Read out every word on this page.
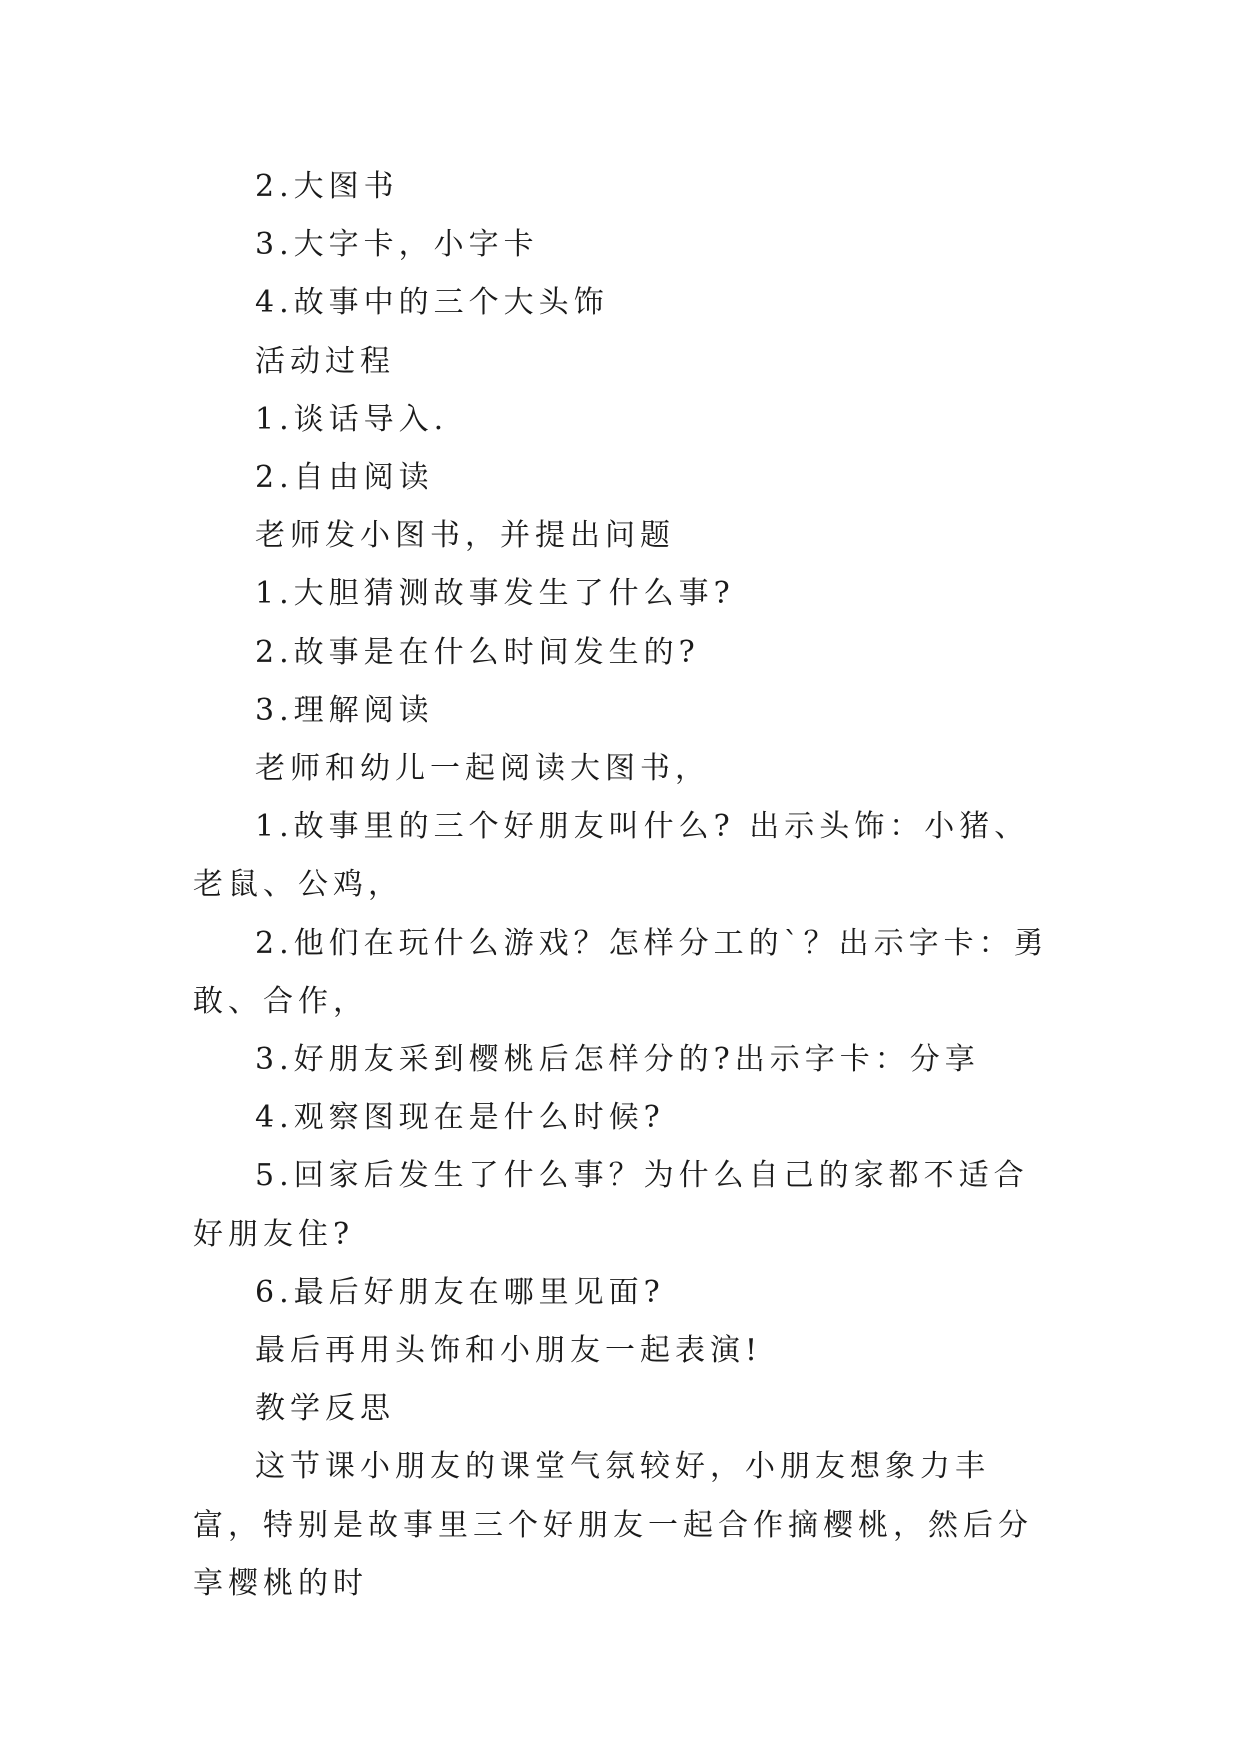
2.大图书

3.大字卡，小字卡

4.故事中的三个大头饰

活动过程

1.谈话导入.

2.自由阅读

老师发小图书，并提出问题

1.大胆猜测故事发生了什么事?

2.故事是在什么时间发生的?

3.理解阅读

老师和幼儿一起阅读大图书，

1.故事里的三个好朋友叫什么? 出示头饰：小猪、老鼠、公鸡，

2.他们在玩什么游戏？怎样分工的`？出示字卡：勇敢、合作，

3.好朋友采到樱桃后怎样分的?出示字卡：分享

4.观察图现在是什么时候?

5.回家后发生了什么事？为什么自己的家都不适合好朋友住?

6.最后好朋友在哪里见面?

最后再用头饰和小朋友一起表演!

教学反思

这节课小朋友的课堂气氛较好，小朋友想象力丰富，特别是故事里三个好朋友一起合作摘樱桃，然后分享樱桃的时
